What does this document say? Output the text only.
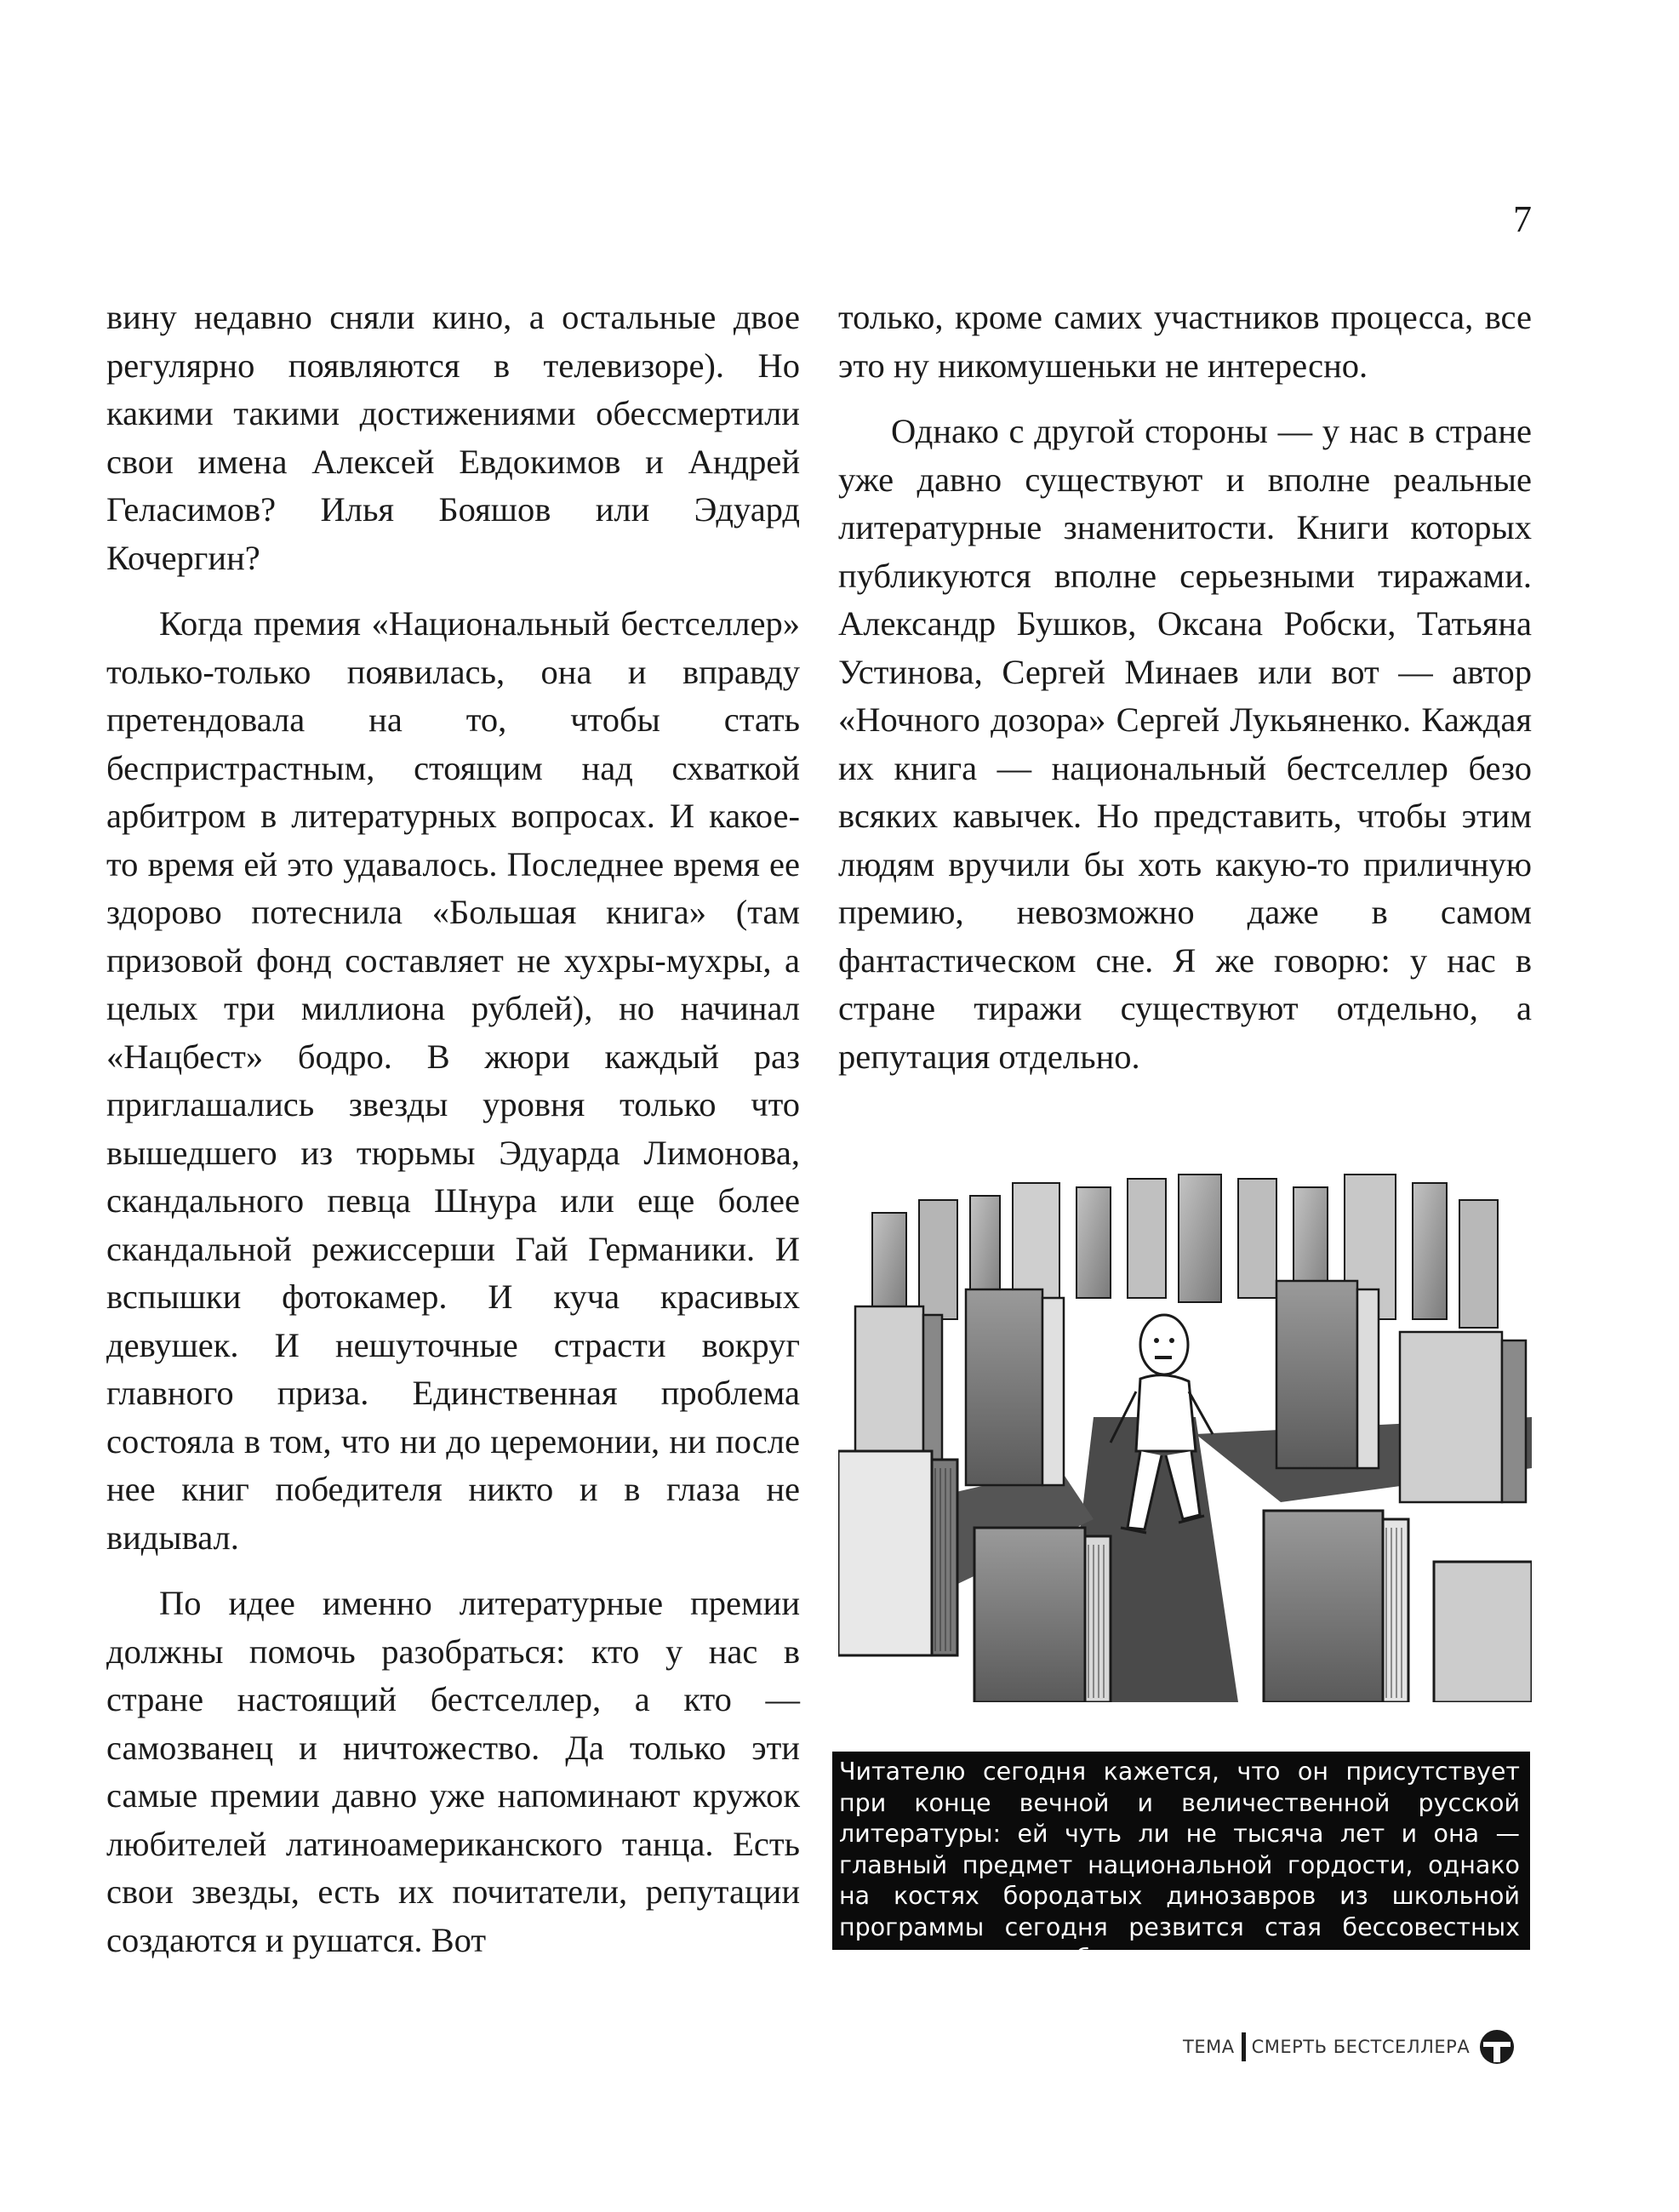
7

вину недавно сняли кино, а остальные двое регулярно появляются в телевизоре). Но какими такими достижениями обессмертили свои имена Алексей Евдокимов и Андрей Геласимов? Илья Бояшов или Эдуард Кочергин?

Когда премия «Национальный бестселлер» только-только появилась, она и вправду претендовала на то, чтобы стать беспристрастным, стоящим над схваткой арбитром в литературных вопросах. И какое-то время ей это удавалось. Последнее время ее здорово потеснила «Большая книга» (там призовой фонд составляет не хухры-мухры, а целых три миллиона рублей), но начинал «Нацбест» бодро. В жюри каждый раз приглашались звезды уровня только что вышедшего из тюрьмы Эдуарда Лимонова, скандального певца Шнура или еще более скандальной режиссерши Гай Германики. И вспышки фотокамер. И куча красивых девушек. И нешуточные страсти вокруг главного приза. Единственная проблема состояла в том, что ни до церемонии, ни после нее книг победителя никто и в глаза не видывал.

По идее именно литературные премии должны помочь разобраться: кто у нас в стране настоящий бестселлер, а кто — самозванец и ничтожество. Да только эти самые премии давно уже напоминают кружок любителей латиноамериканского танца. Есть свои звезды, есть их почитатели, репутации создаются и рушатся. Вот

только, кроме самих участников процесса, все это ну никомушеньки не интересно.

Однако с другой стороны — у нас в стране уже давно существуют и вполне реальные литературные знаменитости. Книги которых публикуются вполне серьезными тиражами. Александр Бушков, Оксана Робски, Татьяна Устинова, Сергей Минаев или вот — автор «Ночного дозора» Сергей Лукьяненко. Каждая их книга — национальный бестселлер безо всяких кавычек. Но представить, чтобы этим людям вручили бы хоть какую-то приличную премию, невозможно даже в самом фантастическом сне. Я же говорю: у нас в стране тиражи существуют отдельно, а репутация отдельно.

Читателю сегодня кажется, что он присутствует при конце вечной и величественной русской литературы: ей чуть ли не тысяча лет и она — главный предмет национальной гордости, однако на костях бородатых динозавров из школьной программы сегодня резвится стая бессовестных макак в пестрых обложках.
ТЕМА СМЕРТЬ БЕСТСЕЛЛЕРА
